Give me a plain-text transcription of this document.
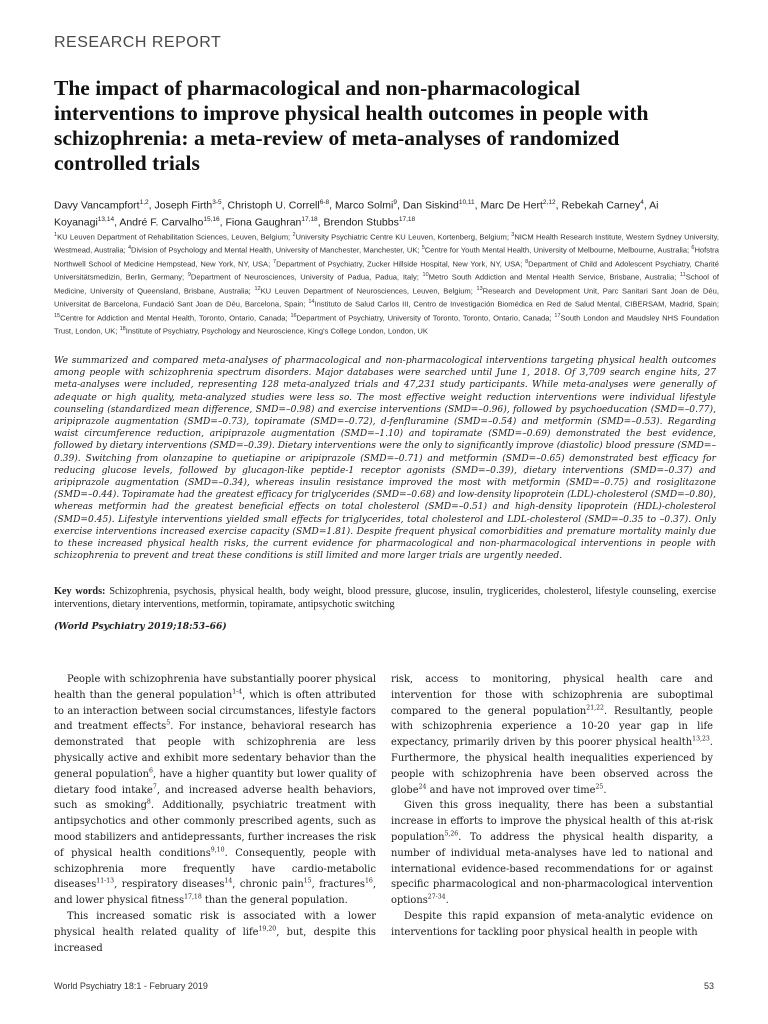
RESEARCH REPORT
The impact of pharmacological and non-pharmacological interventions to improve physical health outcomes in people with schizophrenia: a meta-review of meta-analyses of randomized controlled trials
Davy Vancampfort$^{1,2}$, Joseph Firth$^{3-5}$, Christoph U. Correll$^{6-8}$, Marco Solmi$^9$, Dan Siskind$^{10,11}$, Marc De Hert$^{2,12}$, Rebekah Carney$^4$, Ai Koyanagi$^{13,14}$, André F. Carvalho$^{15,16}$, Fiona Gaughran$^{17,18}$, Brendon Stubbs$^{17,18}$
$^1$KU Leuven Department of Rehabilitation Sciences, Leuven, Belgium; $^2$University Psychiatric Centre KU Leuven, Kortenberg, Belgium; $^3$NICM Health Research Institute, Western Sydney University, Westmead, Australia; $^4$Division of Psychology and Mental Health, University of Manchester, Manchester, UK; $^5$Centre for Youth Mental Health, University of Melbourne, Melbourne, Australia; $^6$Hofstra Northwell School of Medicine Hempstead, New York, NY, USA; $^7$Department of Psychiatry, Zucker Hillside Hospital, New York, NY, USA; $^8$Department of Child and Adolescent Psychiatry, Charité Universitätsmedizin, Berlin, Germany; $^9$Department of Neurosciences, University of Padua, Padua, Italy; $^{10}$Metro South Addiction and Mental Health Service, Brisbane, Australia; $^{11}$School of Medicine, University of Queensland, Brisbane, Australia; $^{12}$KU Leuven Department of Neurosciences, Leuven, Belgium; $^{13}$Research and Development Unit, Parc Sanitari Sant Joan de Déu, Universitat de Barcelona, Fundació Sant Joan de Déu, Barcelona, Spain; $^{14}$Instituto de Salud Carlos III, Centro de Investigación Biomédica en Red de Salud Mental, CIBERSAM, Madrid, Spain; $^{15}$Centre for Addiction and Mental Health, Toronto, Ontario, Canada; $^{16}$Department of Psychiatry, University of Toronto, Toronto, Ontario, Canada; $^{17}$South London and Maudsley NHS Foundation Trust, London, UK; $^{18}$Institute of Psychiatry, Psychology and Neuroscience, King's College London, London, UK

We summarized and compared meta-analyses of pharmacological and non-pharmacological interventions targeting physical health outcomes among people with schizophrenia spectrum disorders. Major databases were searched until June 1, 2018. Of 3,709 search engine hits, 27 meta-analyses were included, representing 128 meta-analyzed trials and 47,231 study participants. While meta-analyses were generally of adequate or high quality, meta-analyzed studies were less so. The most effective weight reduction interventions were individual lifestyle counseling (standardized mean difference, SMD=–0.98) and exercise interventions (SMD=–0.96), followed by psychoeducation (SMD=–0.77), aripiprazole augmentation (SMD=–0.73), topiramate (SMD=–0.72), d-fenfluramine (SMD=–0.54) and metformin (SMD=–0.53). Regarding waist circumference reduction, aripiprazole augmentation (SMD=–1.10) and topiramate (SMD=–0.69) demonstrated the best evidence, followed by dietary interventions (SMD=–0.39). Dietary interventions were the only to significantly improve (diastolic) blood pressure (SMD=–0.39). Switching from olanzapine to quetiapine or aripiprazole (SMD=–0.71) and metformin (SMD=–0.65) demonstrated best efficacy for reducing glucose levels, followed by glucagon-like peptide-1 receptor agonists (SMD=–0.39), dietary interventions (SMD=–0.37) and aripiprazole augmentation (SMD=–0.34), whereas insulin resistance improved the most with metformin (SMD=–0.75) and rosiglitazone (SMD=–0.44). Topiramate had the greatest efficacy for triglycerides (SMD=–0.68) and low-density lipoprotein (LDL)-cholesterol (SMD=–0.80), whereas metformin had the greatest beneficial effects on total cholesterol (SMD=–0.51) and high-density lipoprotein (HDL)-cholesterol (SMD=0.45). Lifestyle interventions yielded small effects for triglycerides, total cholesterol and LDL-cholesterol (SMD=–0.35 to –0.37). Only exercise interventions increased exercise capacity (SMD=1.81). Despite frequent physical comorbidities and premature mortality mainly due to these increased physical health risks, the current evidence for pharmacological and non-pharmacological interventions in people with schizophrenia to prevent and treat these conditions is still limited and more larger trials are urgently needed.

Key words: Schizophrenia, psychosis, physical health, body weight, blood pressure, glucose, insulin, tryglicerides, cholesterol, lifestyle counseling, exercise interventions, dietary interventions, metformin, topiramate, antipsychotic switching
(World Psychiatry 2019;18:53–66)

People with schizophrenia have substantially poorer physical health than the general population$^{1-4}$, which is often attributed to an interaction between social circumstances, lifestyle factors and treatment effects$^5$. For instance, behavioral research has demonstrated that people with schizophrenia are less physically active and exhibit more sedentary behavior than the general population$^6$, have a higher quantity but lower quality of dietary food intake$^7$, and increased adverse health behaviors, such as smoking$^8$. Additionally, psychiatric treatment with antipsychotics and other commonly prescribed agents, such as mood stabilizers and antidepressants, further increases the risk of physical health conditions$^{9,10}$. Consequently, people with schizophrenia more frequently have cardio-metabolic diseases$^{11-13}$, respiratory diseases$^{14}$, chronic pain$^{15}$, fractures$^{16}$, and lower physical fitness$^{17,18}$ than the general population.

This increased somatic risk is associated with a lower physical health related quality of life$^{19,20}$, but, despite this increased

risk, access to monitoring, physical health care and intervention for those with schizophrenia are suboptimal compared to the general population$^{21,22}$. Resultantly, people with schizophrenia experience a 10-20 year gap in life expectancy, primarily driven by this poorer physical health$^{13,23}$. Furthermore, the physical health inequalities experienced by people with schizophrenia have been observed across the globe$^{24}$ and have not improved over time$^{25}$.

Given this gross inequality, there has been a substantial increase in efforts to improve the physical health of this at-risk population$^{5,26}$. To address the physical health disparity, a number of individual meta-analyses have led to national and international evidence-based recommendations for or against specific pharmacological and non-pharmacological intervention options$^{27-34}$.

Despite this rapid expansion of meta-analytic evidence on interventions for tackling poor physical health in people with

World Psychiatry 18:1 - February 2019	53
